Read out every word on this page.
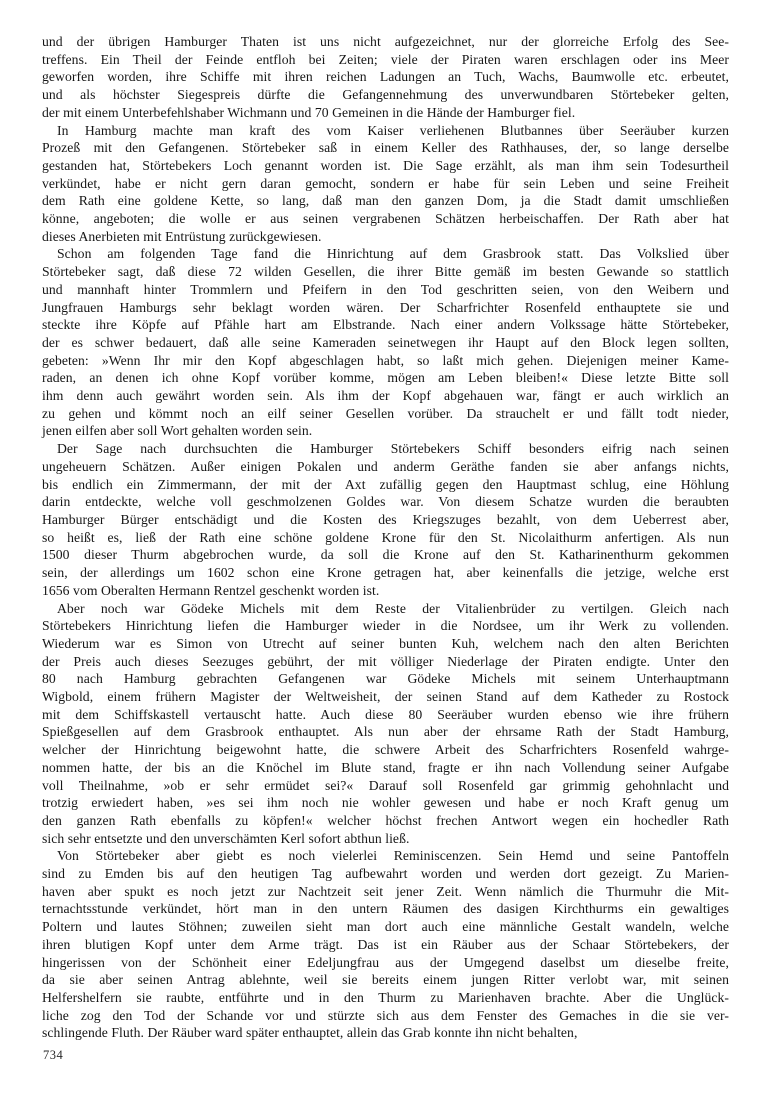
und der übrigen Hamburger Thaten ist uns nicht aufgezeichnet, nur der glorreiche Erfolg des See-
treffens. Ein Theil der Feinde entfloh bei Zeiten; viele der Piraten waren erschlagen oder ins Meer
geworfen worden, ihre Schiffe mit ihren reichen Ladungen an Tuch, Wachs, Baumwolle etc. erbeutet,
und als höchster Siegespreis dürfte die Gefangennehmung des unverwundbaren Störtebeker gelten,
der mit einem Unterbefehlshaber Wichmann und 70 Gemeinen in die Hände der Hamburger fiel.
In Hamburg machte man kraft des vom Kaiser verliehenen Blutbannes über Seeräuber kurzen
Prozeß mit den Gefangenen. Störtebeker saß in einem Keller des Rathhauses, der, so lange derselbe
gestanden hat, Störtebekers Loch genannt worden ist. Die Sage erzählt, als man ihm sein Todesurtheil
verkündet, habe er nicht gern daran gemocht, sondern er habe für sein Leben und seine Freiheit
dem Rath eine goldene Kette, so lang, daß man den ganzen Dom, ja die Stadt damit umschließen
könne, angeboten; die wolle er aus seinen vergrabenen Schätzen herbeischaffen. Der Rath aber hat
dieses Anerbieten mit Entrüstung zurückgewiesen.
Schon am folgenden Tage fand die Hinrichtung auf dem Grasbrook statt. Das Volkslied über
Störtebeker sagt, daß diese 72 wilden Gesellen, die ihrer Bitte gemäß im besten Gewande so stattlich
und mannhaft hinter Trommlern und Pfeifern in den Tod geschritten seien, von den Weibern und
Jungfrauen Hamburgs sehr beklagt worden wären. Der Scharfrichter Rosenfeld enthauptete sie und
steckte ihre Köpfe auf Pfähle hart am Elbstrande. Nach einer andern Volkssage hätte Störtebeker,
der es schwer bedauert, daß alle seine Kameraden seinetwegen ihr Haupt auf den Block legen sollten,
gebeten: »Wenn Ihr mir den Kopf abgeschlagen habt, so laßt mich gehen. Diejenigen meiner Kame-
raden, an denen ich ohne Kopf vorüber komme, mögen am Leben bleiben!« Diese letzte Bitte soll
ihm denn auch gewährt worden sein. Als ihm der Kopf abgehauen war, fängt er auch wirklich an
zu gehen und kömmt noch an eilf seiner Gesellen vorüber. Da strauchelt er und fällt todt nieder,
jenen eilfen aber soll Wort gehalten worden sein.
Der Sage nach durchsuchten die Hamburger Störtebekers Schiff besonders eifrig nach seinen
ungeheuern Schätzen. Außer einigen Pokalen und anderm Geräthe fanden sie aber anfangs nichts,
bis endlich ein Zimmermann, der mit der Axt zufällig gegen den Hauptmast schlug, eine Höhlung
darin entdeckte, welche voll geschmolzenen Goldes war. Von diesem Schatze wurden die beraubten
Hamburger Bürger entschädigt und die Kosten des Kriegszuges bezahlt, von dem Ueberrest aber,
so heißt es, ließ der Rath eine schöne goldene Krone für den St. Nicolaithurm anfertigen. Als nun
1500 dieser Thurm abgebrochen wurde, da soll die Krone auf den St. Katharinenthurm gekommen
sein, der allerdings um 1602 schon eine Krone getragen hat, aber keinenfalls die jetzige, welche erst
1656 vom Oberalten Hermann Rentzel geschenkt worden ist.
Aber noch war Gödeke Michels mit dem Reste der Vitalienbrüder zu vertilgen. Gleich nach
Störtebekers Hinrichtung liefen die Hamburger wieder in die Nordsee, um ihr Werk zu vollenden.
Wiederum war es Simon von Utrecht auf seiner bunten Kuh, welchem nach den alten Berichten
der Preis auch dieses Seezuges gebührt, der mit völliger Niederlage der Piraten endigte. Unter den
80 nach Hamburg gebrachten Gefangenen war Gödeke Michels mit seinem Unterhauptmann
Wigbold, einem frühern Magister der Weltweisheit, der seinen Stand auf dem Katheder zu Rostock
mit dem Schiffskastell vertauscht hatte. Auch diese 80 Seeräuber wurden ebenso wie ihre frühern
Spießgesellen auf dem Grasbrook enthauptet. Als nun aber der ehrsame Rath der Stadt Hamburg,
welcher der Hinrichtung beigewohnt hatte, die schwere Arbeit des Scharfrichters Rosenfeld wahrge-
nommen hatte, der bis an die Knöchel im Blute stand, fragte er ihn nach Vollendung seiner Aufgabe
voll Theilnahme, »ob er sehr ermüdet sei?« Darauf soll Rosenfeld gar grimmig gehohnlacht und
trotzig erwiedert haben, »es sei ihm noch nie wohler gewesen und habe er noch Kraft genug um
den ganzen Rath ebenfalls zu köpfen!« welcher höchst frechen Antwort wegen ein hochedler Rath
sich sehr entsetzte und den unverschämten Kerl sofort abthun ließ.
Von Störtebeker aber giebt es noch vielerlei Reminiscenzen. Sein Hemd und seine Pantoffeln
sind zu Emden bis auf den heutigen Tag aufbewahrt worden und werden dort gezeigt. Zu Marien-
haven aber spukt es noch jetzt zur Nachtzeit seit jener Zeit. Wenn nämlich die Thurmuhr die Mit-
ternachtsstunde verkündet, hört man in den untern Räumen des dasigen Kirchthurms ein gewaltiges
Poltern und lautes Stöhnen; zuweilen sieht man dort auch eine männliche Gestalt wandeln, welche
ihren blutigen Kopf unter dem Arme trägt. Das ist ein Räuber aus der Schaar Störtebekers, der
hingerissen von der Schönheit einer Edeljungfrau aus der Umgegend daselbst um dieselbe freite,
da sie aber seinen Antrag ablehnte, weil sie bereits einem jungen Ritter verlobt war, mit seinen
Helfershelfern sie raubte, entführte und in den Thurm zu Marienhaven brachte. Aber die Unglück-
liche zog den Tod der Schande vor und stürzte sich aus dem Fenster des Gemaches in die sie ver-
schlingende Fluth. Der Räuber ward später enthauptet, allein das Grab konnte ihn nicht behalten,
734
